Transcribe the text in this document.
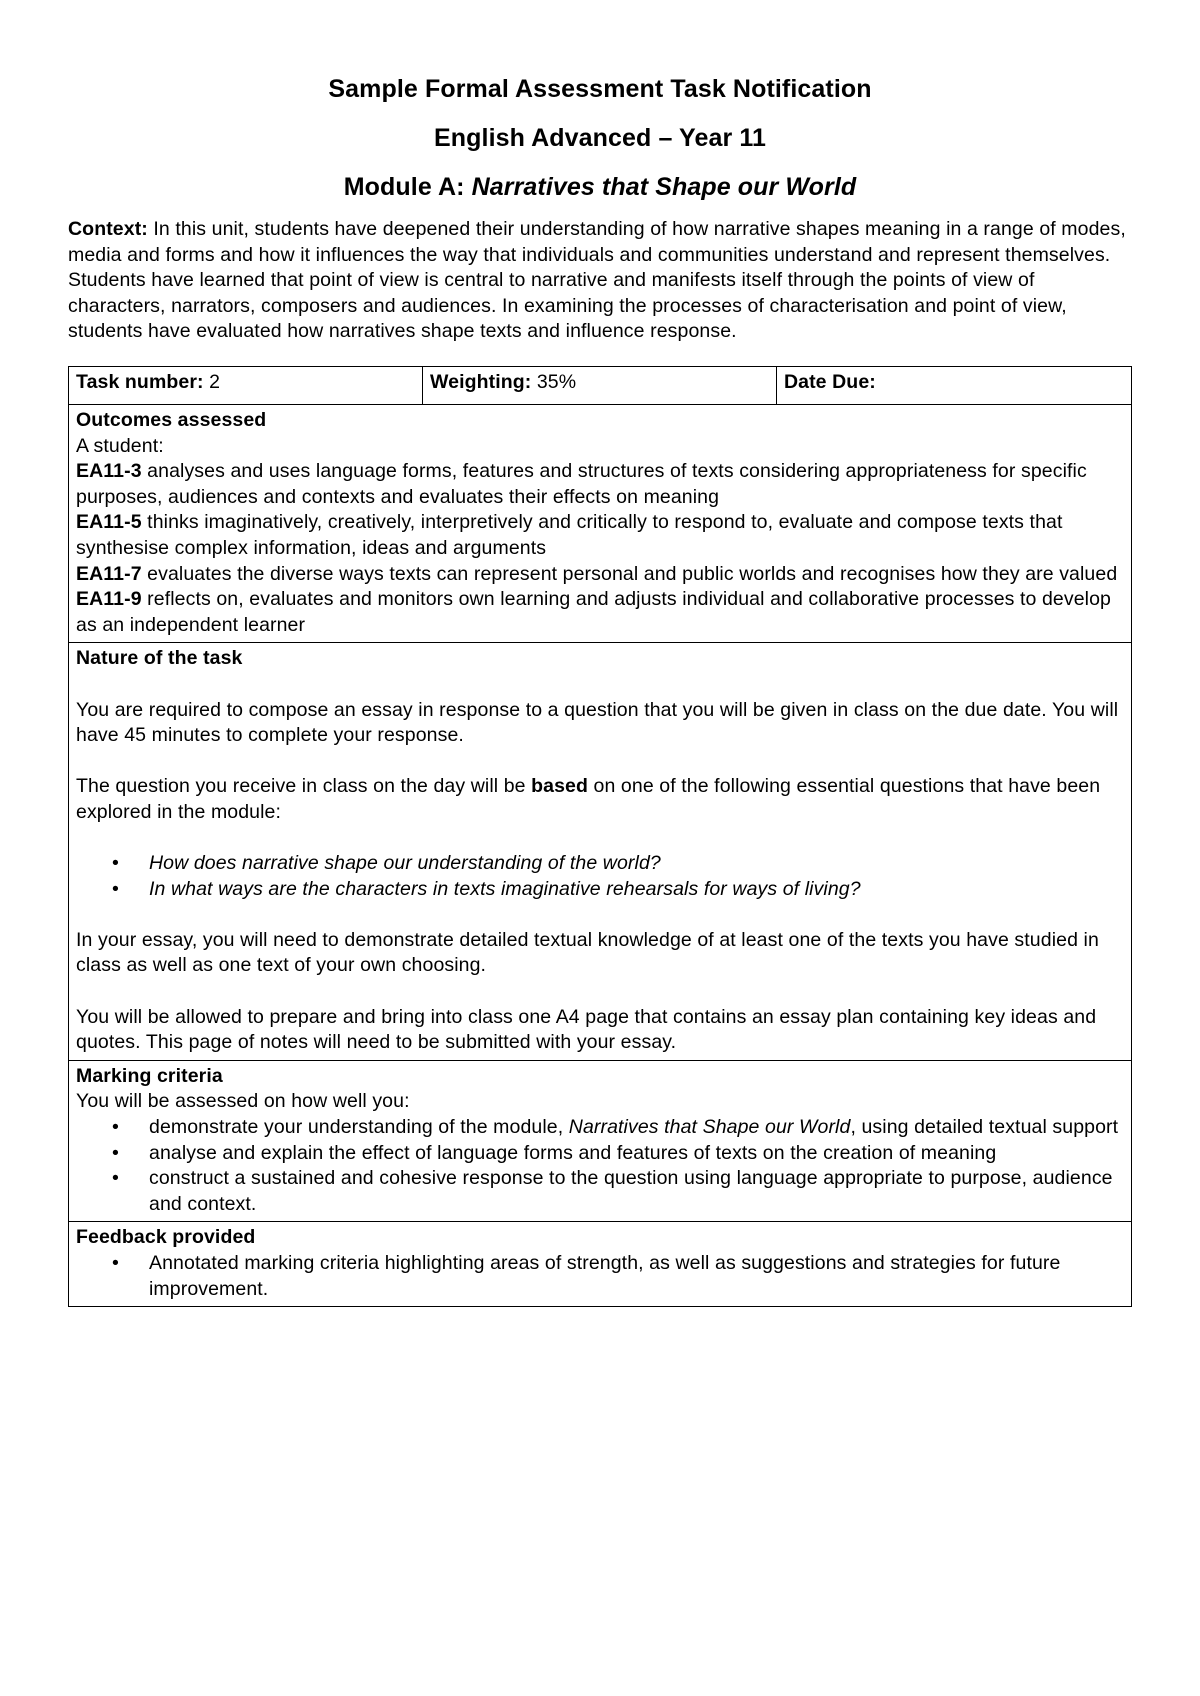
Sample Formal Assessment Task Notification
English Advanced – Year 11
Module A: Narratives that Shape our World
Context: In this unit, students have deepened their understanding of how narrative shapes meaning in a range of modes, media and forms and how it influences the way that individuals and communities understand and represent themselves. Students have learned that point of view is central to narrative and manifests itself through the points of view of characters, narrators, composers and audiences. In examining the processes of characterisation and point of view, students have evaluated how narratives shape texts and influence response.
Task number: 2	Weighting: 35%	Date Due:

Outcomes assessed
A student:
EA11-3 analyses and uses language forms, features and structures of texts considering appropriateness for specific purposes, audiences and contexts and evaluates their effects on meaning
EA11-5 thinks imaginatively, creatively, interpretively and critically to respond to, evaluate and compose texts that synthesise complex information, ideas and arguments
EA11-7 evaluates the diverse ways texts can represent personal and public worlds and recognises how they are valued
EA11-9 reflects on, evaluates and monitors own learning and adjusts individual and collaborative processes to develop as an independent learner

Nature of the task

You are required to compose an essay in response to a question that you will be given in class on the due date. You will have 45 minutes to complete your response.

The question you receive in class on the day will be based on one of the following essential questions that have been explored in the module:

• How does narrative shape our understanding of the world?
• In what ways are the characters in texts imaginative rehearsals for ways of living?

In your essay, you will need to demonstrate detailed textual knowledge of at least one of the texts you have studied in class as well as one text of your own choosing.

You will be allowed to prepare and bring into class one A4 page that contains an essay plan containing key ideas and quotes. This page of notes will need to be submitted with your essay.

Marking criteria
You will be assessed on how well you:
• demonstrate your understanding of the module, Narratives that Shape our World, using detailed textual support
• analyse and explain the effect of language forms and features of texts on the creation of meaning
• construct a sustained and cohesive response to the question using language appropriate to purpose, audience and context.

Feedback provided
• Annotated marking criteria highlighting areas of strength, as well as suggestions and strategies for future improvement.
